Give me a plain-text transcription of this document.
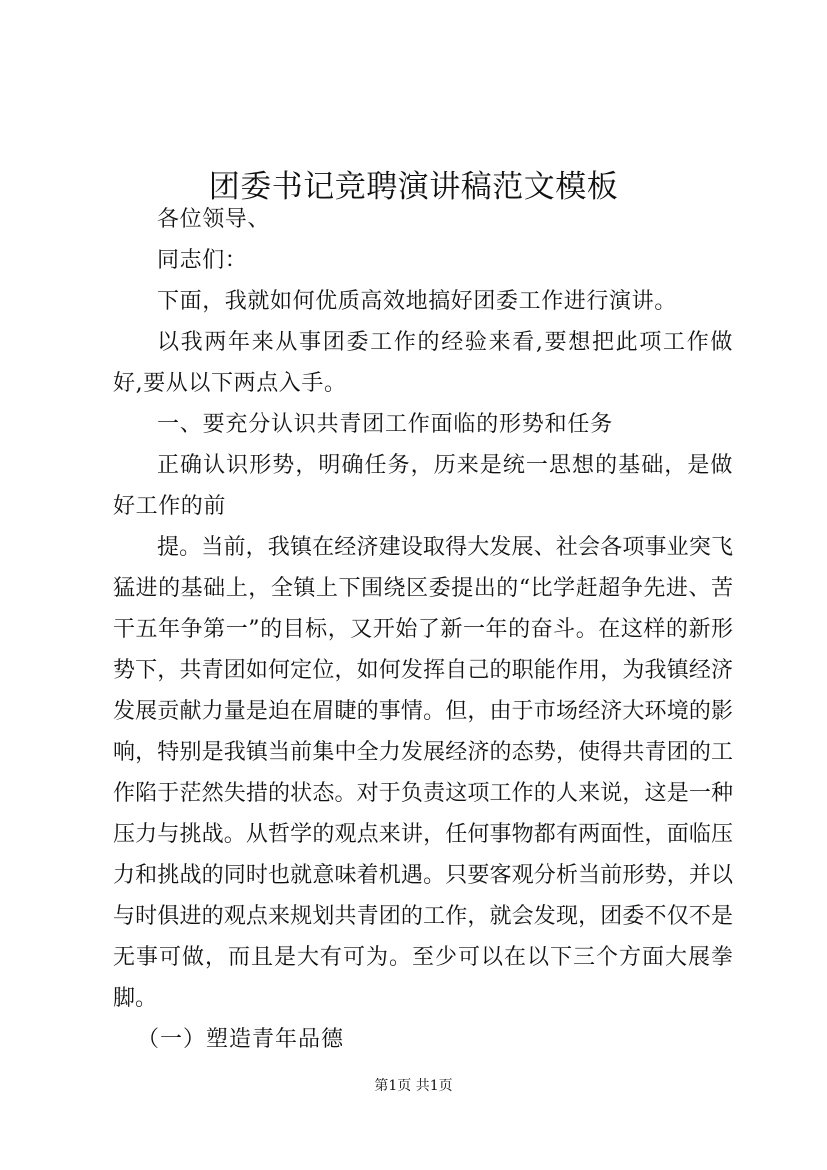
团委书记竞聘演讲稿范文模板

各位领导、

同志们：

下面，我就如何优质高效地搞好团委工作进行演讲。

以我两年来从事团委工作的经验来看,要想把此项工作做好,要从以下两点入手。

一、要充分认识共青团工作面临的形势和任务

正确认识形势，明确任务，历来是统一思想的基础，是做好工作的前

提。当前，我镇在经济建设取得大发展、社会各项事业突飞猛进的基础上，全镇上下围绕区委提出的“比学赶超争先进、苦干五年争第一”的目标，又开始了新一年的奋斗。在这样的新形势下，共青团如何定位，如何发挥自己的职能作用，为我镇经济发展贡献力量是迫在眉睫的事情。但，由于市场经济大环境的影响，特别是我镇当前集中全力发展经济的态势，使得共青团的工作陷于茫然失措的状态。对于负责这项工作的人来说，这是一种压力与挑战。从哲学的观点来讲，任何事物都有两面性，面临压力和挑战的同时也就意味着机遇。只要客观分析当前形势，并以与时俱进的观点来规划共青团的工作，就会发现，团委不仅不是无事可做，而且是大有可为。至少可以在以下三个方面大展拳脚。

（一）塑造青年品德

第1页 共1页
